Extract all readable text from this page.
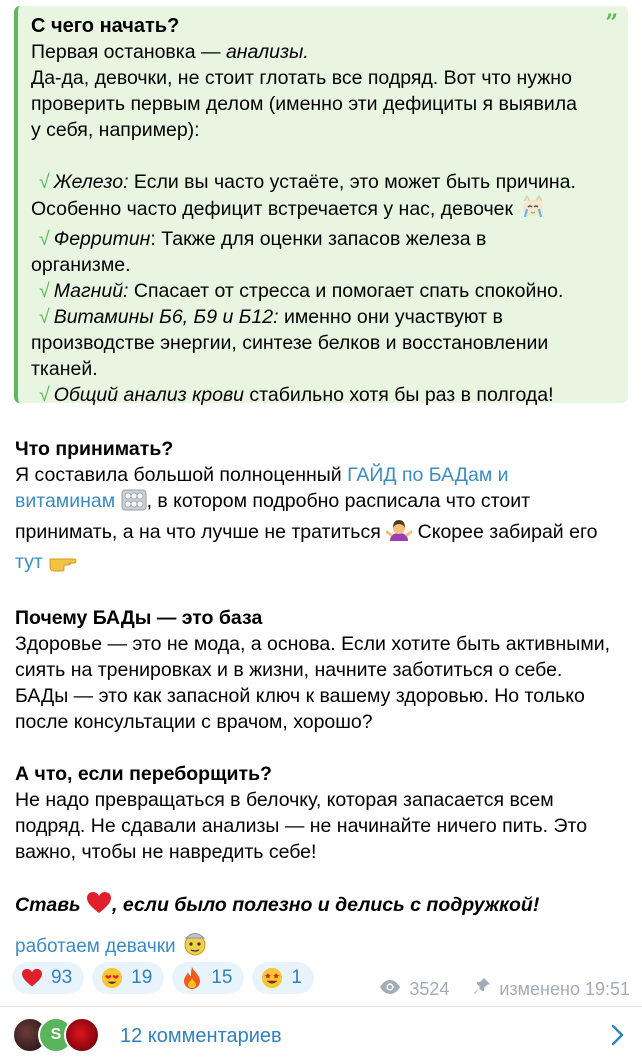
”
С чего начать?
Первая остановка — анализы.
Да-да, девочки, не стоит глотать все подряд. Вот что нужно
проверить первым делом (именно эти дефициты я выявила
у себя, например):
√ Железо: Если вы часто устаёте, это может быть причина.
Особенно часто дефицит встречается у нас, девочек
√ Ферритин: Также для оценки запасов железа в
организме.
√ Магний: Спасает от стресса и помогает спать спокойно.
√ Витамины Б6, Б9 и Б12: именно они участвуют в
производстве энергии, синтезе белков и восстановлении
тканей.
√ Общий анализ крови стабильно хотя бы раз в полгода!
Что принимать?
Я составила большой полноценный ГАЙД по БАДам и
витаминам , в котором подробно расписала что стоит
принимать, а на что лучше не тратиться  Скорее забирай его
тут
Почему БАДы — это база
Здоровье — это не мода, а основа. Если хотите быть активными,
сиять на тренировках и в жизни, начните заботиться о себе.
БАДы — это как запасной ключ к вашему здоровью. Но только
после консультации с врачом, хорошо?
А что, если переборщить?
Не надо превращаться в белочку, которая запасается всем
подряд. Не сдавали анализы — не начинайте ничего пить. Это
важно, чтобы не навредить себе!
Ставь , если было полезно и делись с подружкой!
работаем девачки
93	19	15	1
3524	изменено 19:51
S	12 комментариев
